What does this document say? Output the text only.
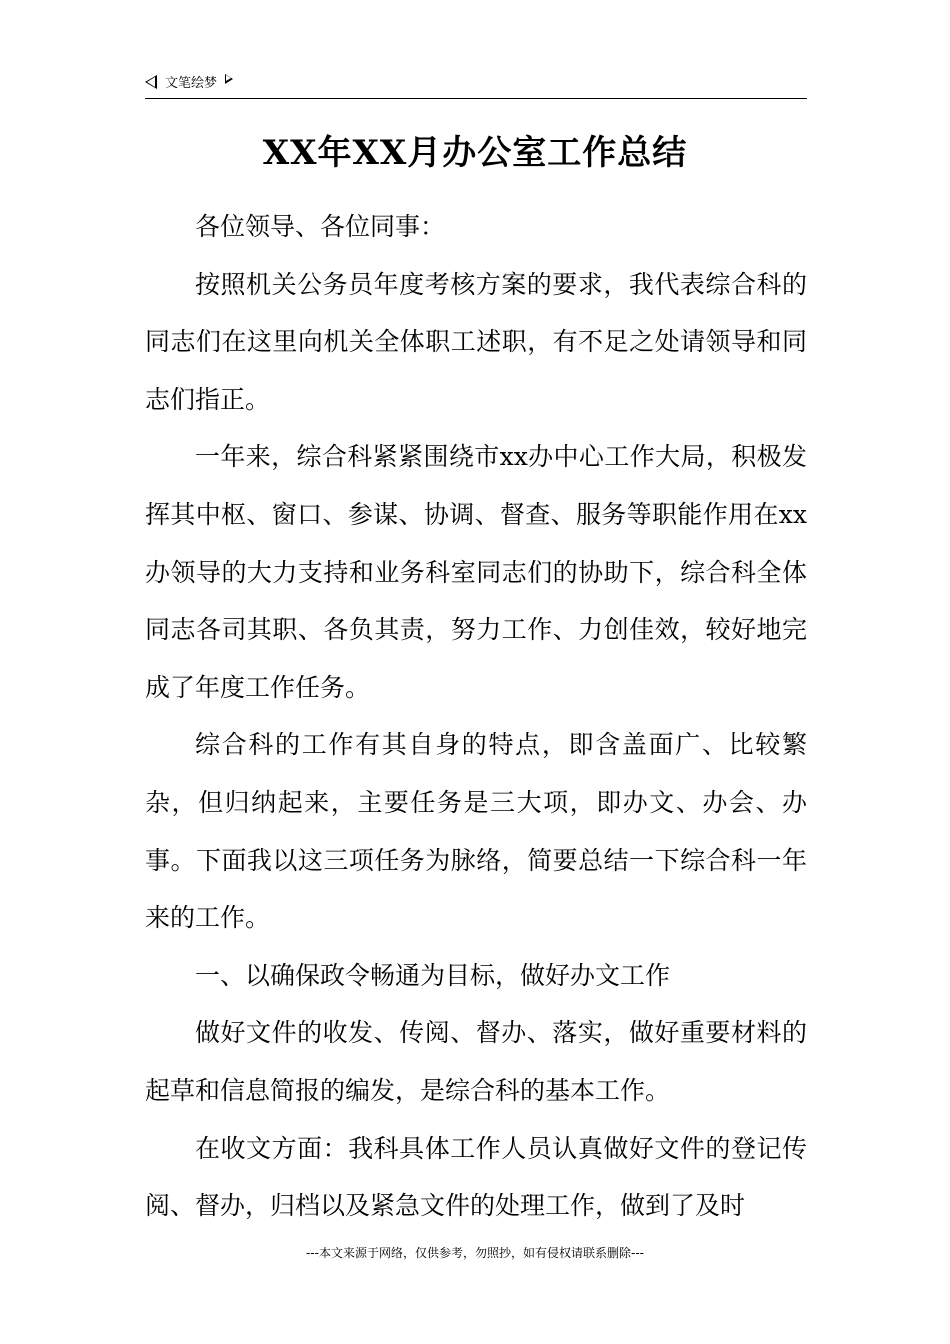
文笔绘梦
XX年XX月办公室工作总结

各位领导、各位同事：

按照机关公务员年度考核方案的要求，我代表综合科的同志们在这里向机关全体职工述职，有不足之处请领导和同志们指正。

一年来，综合科紧紧围绕市xx办中心工作大局，积极发挥其中枢、窗口、参谋、协调、督查、服务等职能作用在xx办领导的大力支持和业务科室同志们的协助下，综合科全体同志各司其职、各负其责，努力工作、力创佳效，较好地完成了年度工作任务。

综合科的工作有其自身的特点，即含盖面广、比较繁杂，但归纳起来，主要任务是三大项，即办文、办会、办事。下面我以这三项任务为脉络，简要总结一下综合科一年来的工作。

一、以确保政令畅通为目标，做好办文工作

做好文件的收发、传阅、督办、落实，做好重要材料的起草和信息简报的编发，是综合科的基本工作。

在收文方面：我科具体工作人员认真做好文件的登记传阅、督办，归档以及紧急文件的处理工作，做到了及时

---本文来源于网络，仅供参考，勿照抄，如有侵权请联系删除---
